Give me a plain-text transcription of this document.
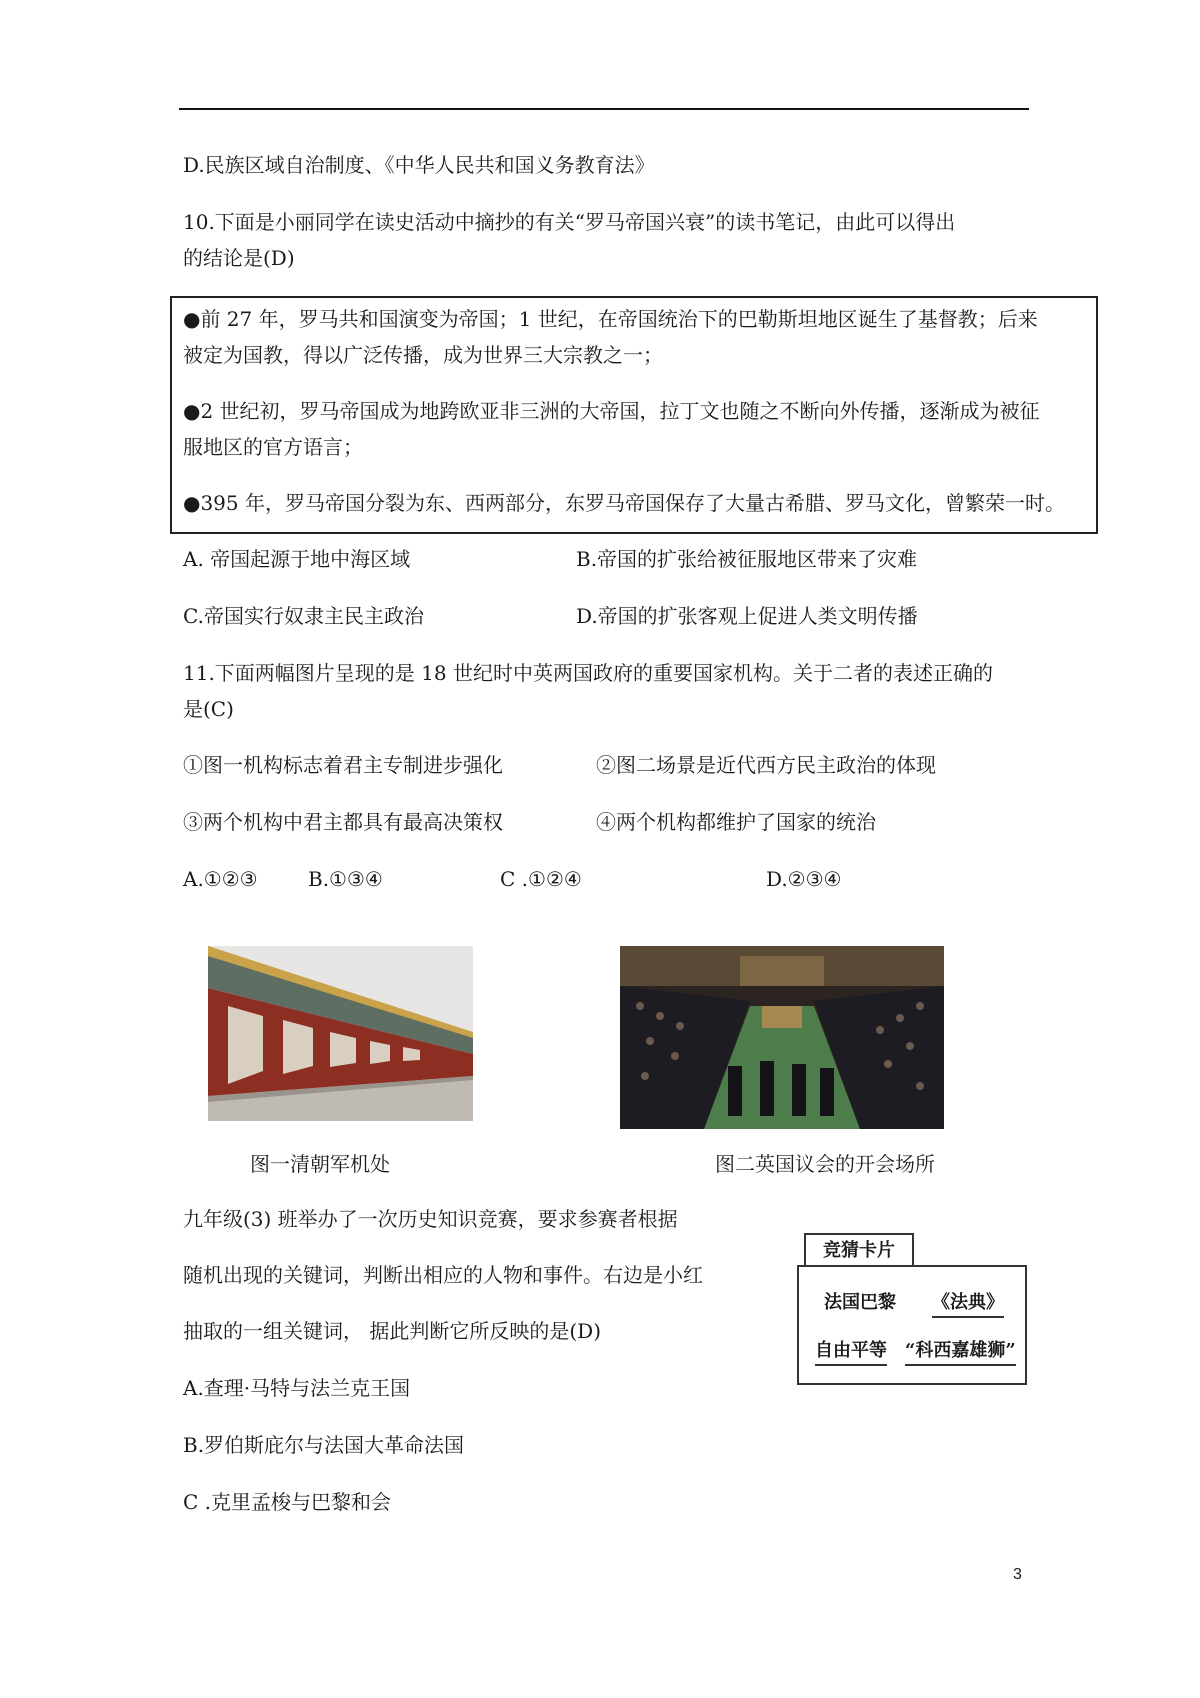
D.民族区域自治制度、《中华人民共和国义务教育法》
10.下面是小丽同学在读史活动中摘抄的有关“罗马帝国兴衰”的读书笔记，由此可以得出
的结论是(D)
●前 27 年，罗马共和国演变为帝国；1 世纪，在帝国统治下的巴勒斯坦地区诞生了基督教；后来
被定为国教，得以广泛传播，成为世界三大宗教之一；
●2 世纪初，罗马帝国成为地跨欧亚非三洲的大帝国，拉丁文也随之不断向外传播，逐渐成为被征
服地区的官方语言；
●395 年，罗马帝国分裂为东、西两部分，东罗马帝国保存了大量古希腊、罗马文化，曾繁荣一时。
A. 帝国起源于地中海区域	B.帝国的扩张给被征服地区带来了灾难
C.帝国实行奴隶主民主政治	D.帝国的扩张客观上促进人类文明传播
11.下面两幅图片呈现的是 18 世纪时中英两国政府的重要国家机构。关于二者的表述正确的
是(C)
①图一机构标志着君主专制进步强化	②图二场景是近代西方民主政治的体现
③两个机构中君主都具有最高决策权	④两个机构都维护了国家的统治
A.①②③	B.①③④	C .①②④	D.②③④
图一清朝军机处	图二英国议会的开会场所
九年级(3) 班举办了一次历史知识竞赛，要求参赛者根据
随机出现的关键词，判断出相应的人物和事件。右边是小红
抽取的一组关键词， 据此判断它所反映的是(D)
A.查理·马特与法兰克王国
B.罗伯斯庇尔与法国大革命法国
C .克里孟梭与巴黎和会
竞猜卡片
法国巴黎 《法典》
自由平等 “科西嘉雄狮”
3
